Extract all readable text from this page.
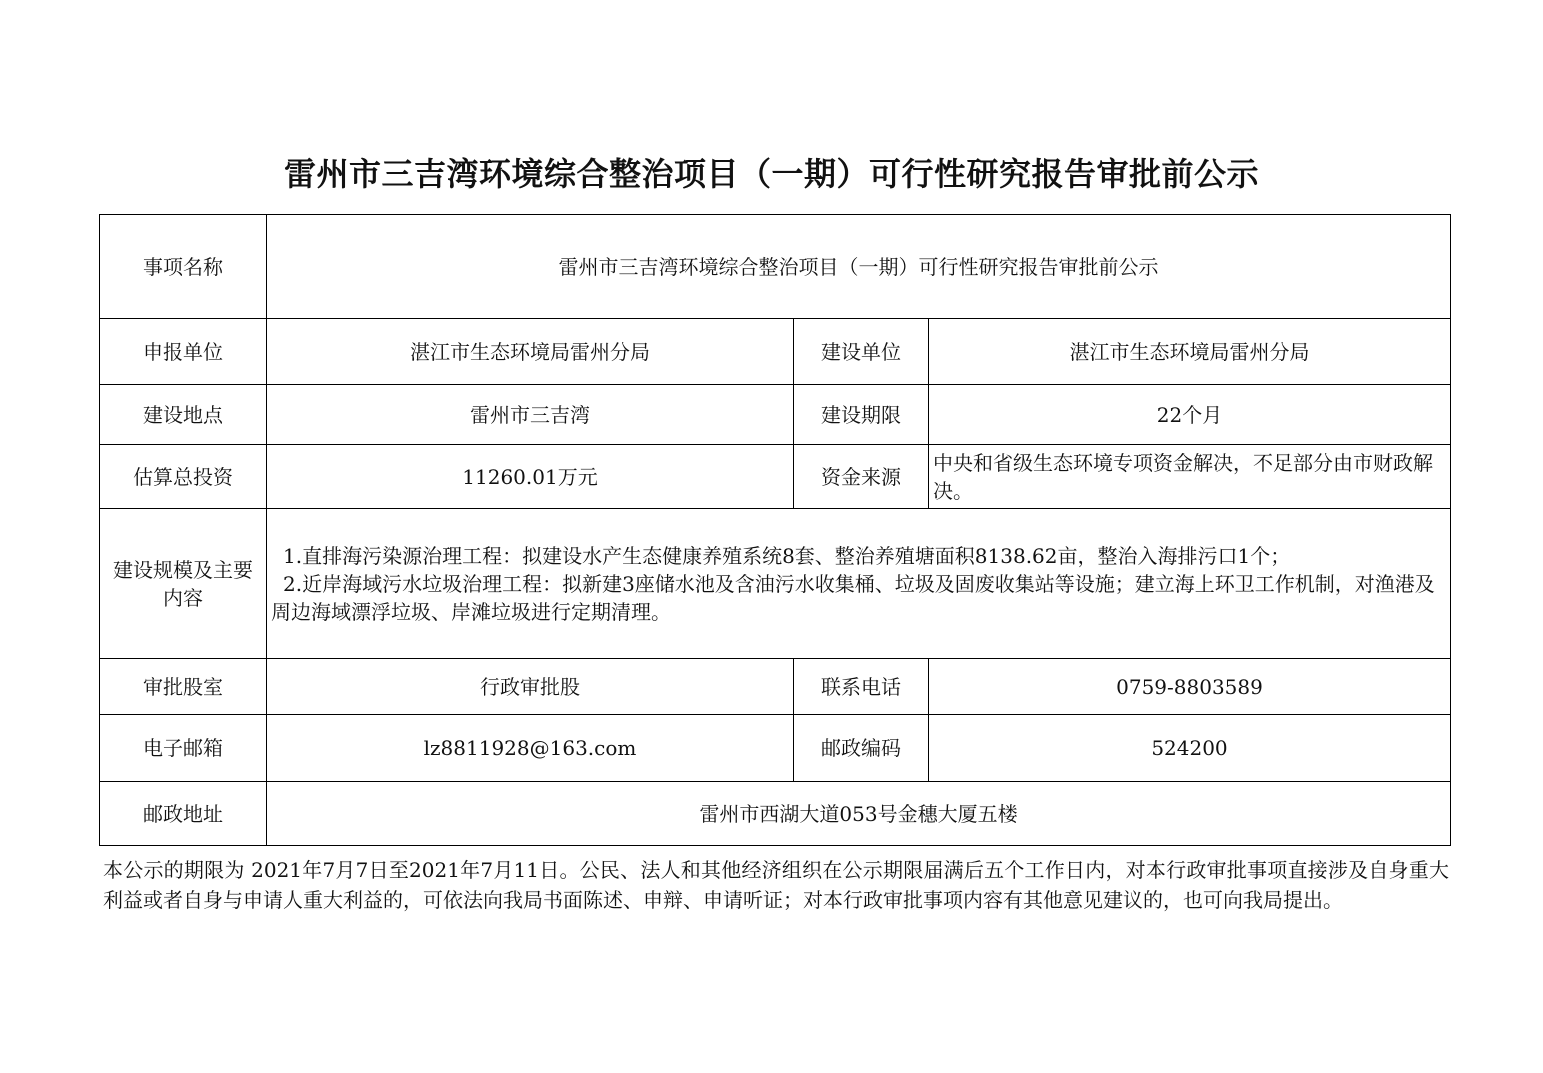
雷州市三吉湾环境综合整治项目（一期）可行性研究报告审批前公示
事项名称	雷州市三吉湾环境综合整治项目（一期）可行性研究报告审批前公示		
申报单位	湛江市生态环境局雷州分局	建设单位	湛江市生态环境局雷州分局
建设地点	雷州市三吉湾	建设期限	22个月
估算总投资	11260.01万元	资金来源	中央和省级生态环境专项资金解决，不足部分由市财政解决。
建设规模及主要内容	1.直排海污染源治理工程：拟建设水产生态健康养殖系统8套、整治养殖塘面积8138.62亩，整治入海排污口1个；
2.近岸海域污水垃圾治理工程：拟新建3座储水池及含油污水收集桶、垃圾及固废收集站等设施；建立海上环卫工作机制，对渔港及周边海域漂浮垃圾、岸滩垃圾进行定期清理。		

审批股室	行政审批股	联系电话	0759-8803589
电子邮箱	lz8811928@163.com	邮政编码	524200
邮政地址	雷州市西湖大道053号金穗大厦五楼		
本公示的期限为 2021年7月7日至2021年7月11日。公民、法人和其他经济组织在公示期限届满后五个工作日内，对本行政审批事项直接涉及自身重大利益或者自身与申请人重大利益的，可依法向我局书面陈述、申辩、申请听证；对本行政审批事项内容有其他意见建议的，也可向我局提出。
